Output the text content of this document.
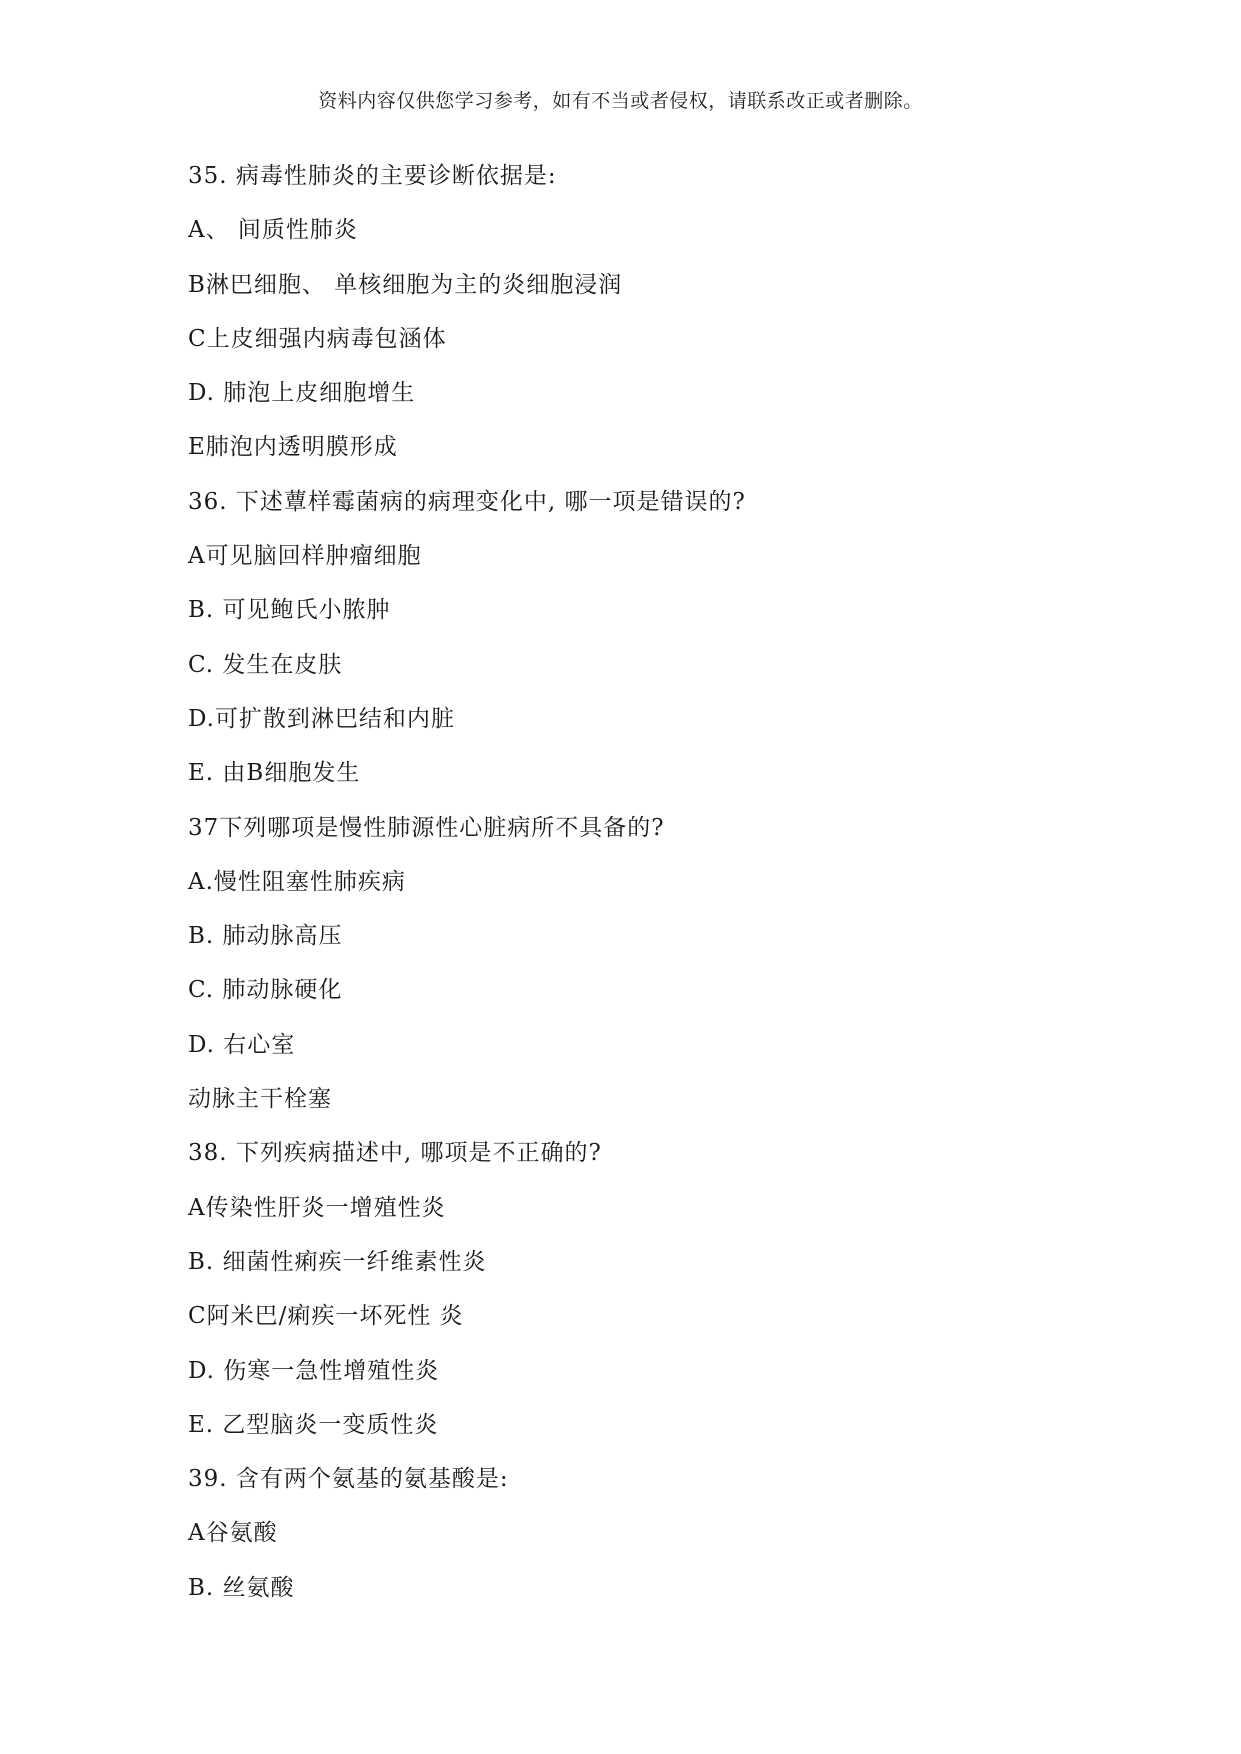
资料内容仅供您学习参考，如有不当或者侵权，请联系改正或者删除。
35. 病毒性肺炎的主要诊断依据是:
A、 间质性肺炎
B淋巴细胞、 单核细胞为主的炎细胞浸润
C上皮细强内病毒包涵体
D. 肺泡上皮细胞增生
E肺泡内透明膜形成
36. 下述蕈样霉菌病的病理变化中, 哪一项是错误的?
A可见脑回样肿瘤细胞
B. 可见鲍氏小脓肿
C. 发生在皮肤
D.可扩散到淋巴结和内脏
E. 由B细胞发生
37下列哪项是慢性肺源性心脏病所不具备的?
A.慢性阻塞性肺疾病
B. 肺动脉高压
C. 肺动脉硬化
D. 右心室
动脉主干栓塞
38. 下列疾病描述中, 哪项是不正确的?
A传染性肝炎一增殖性炎
B. 细菌性痢疾一纤维素性炎
C阿米巴/痢疾一坏死性 炎
D. 伤寒一急性增殖性炎
E. 乙型脑炎一变质性炎
39. 含有两个氨基的氨基酸是:
A谷氨酸
B. 丝氨酸
